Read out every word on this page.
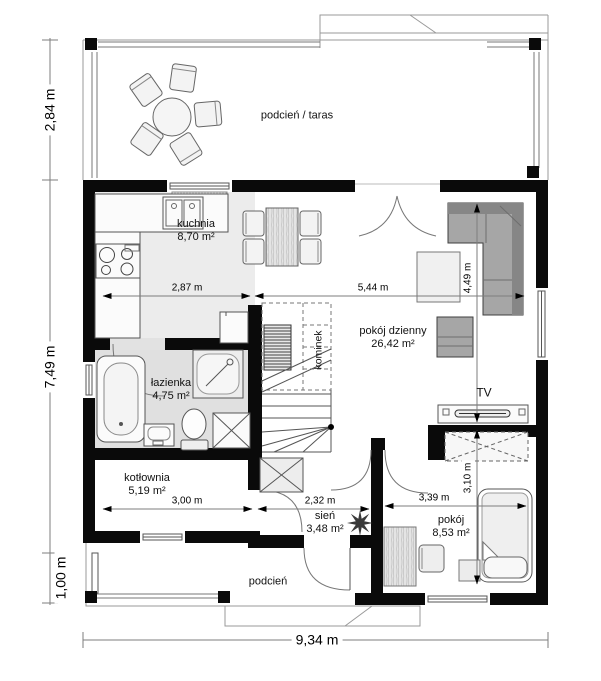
podcień / taras
kuchnia
8,70 m²
pokój dzienny
26,42 m²
łazienka
4,75 m²
kotłownia
5,19 m²
sień
3,48 m²
pokój
8,53 m²
podcień
kominek
TV
2,87 m	5,44 m	4,49 m
3,00 m	2,32 m	3,39 m
3,10 m
2,84 m
7,49 m
1,00 m
9,34 m
